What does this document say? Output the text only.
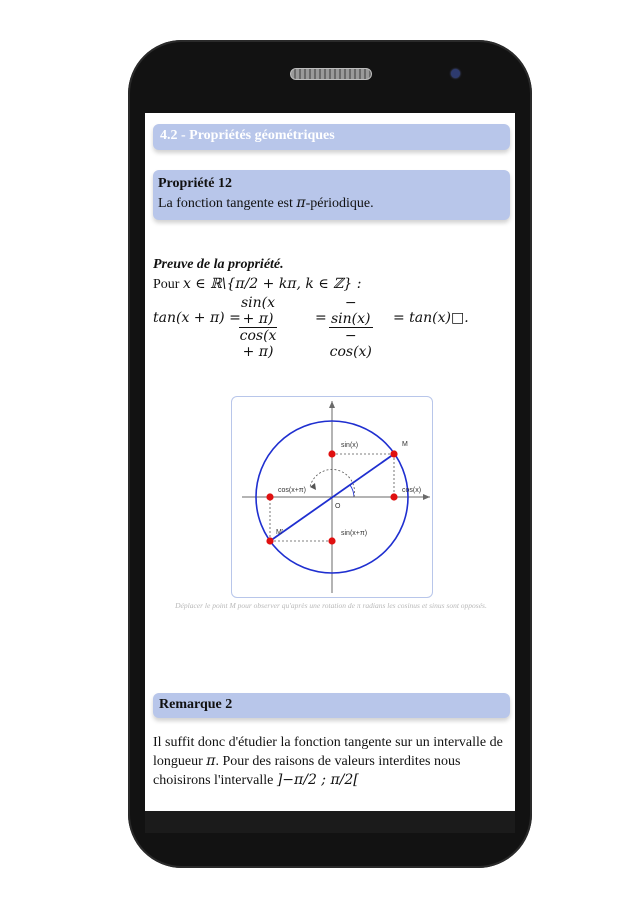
4.2 - Propriétés géométriques
Propriété 12
La fonction tangente est π-périodique.
Preuve de la propriété.
Pour x ∈ ℝ\{π/2 + kπ, k ∈ ℤ} :
tan(x + π) =
$\frac{\sin(x + \pi)}{\cos(x + \pi)}$	= $\frac{- \sin(x)}{- \cos(x)}$ = tan(x)□.
sin(x)	M
cos(x+π)	cos(x)
O
M'	sin(x+π)
Déplacer le point M pour observer qu'après une rotation de π radians les cosinus et sinus sont opposés.
Remarque 2
Il suffit donc d'étudier la fonction tangente sur un intervalle de longueur π. Pour des raisons de valeurs interdites nous choisirons l'intervalle ]−π/2 ; π/2[
